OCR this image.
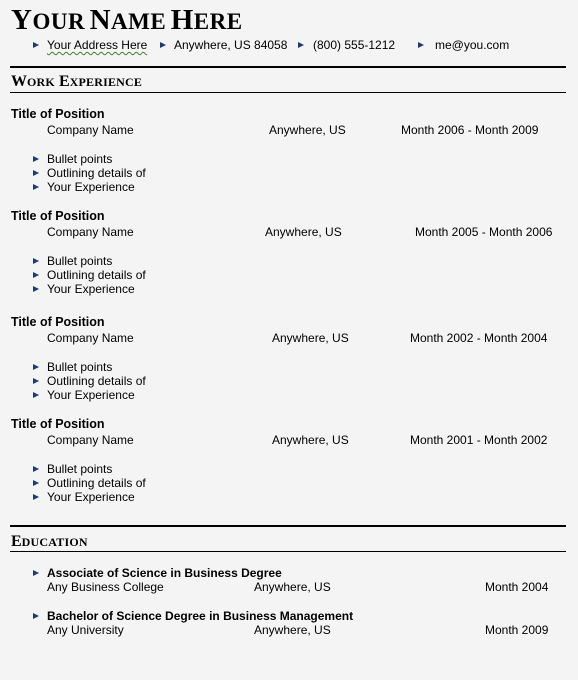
YOUR NAME HERE
Your Address Here Anywhere, US 84058 (800) 555-1212	me@you.com
WORK EXPERIENCE
Title of Position
Company Name	Anywhere, US	Month 2006 - Month 2009
Bullet points
Outlining details of
Your Experience
Title of Position
Company Name	Anywhere, US	Month 2005 - Month 2006
Bullet points
Outlining details of
Your Experience
Title of Position
Company Name	Anywhere, US	Month 2002 - Month 2004
Bullet points
Outlining details of
Your Experience
Title of Position
Company Name	Anywhere, US	Month 2001 - Month 2002
Bullet points
Outlining details of
Your Experience
EDUCATION
Associate of Science in Business Degree
Any Business College	Anywhere, US	Month 2004
Bachelor of Science Degree in Business Management
Any University	Anywhere, US	Month 2009
